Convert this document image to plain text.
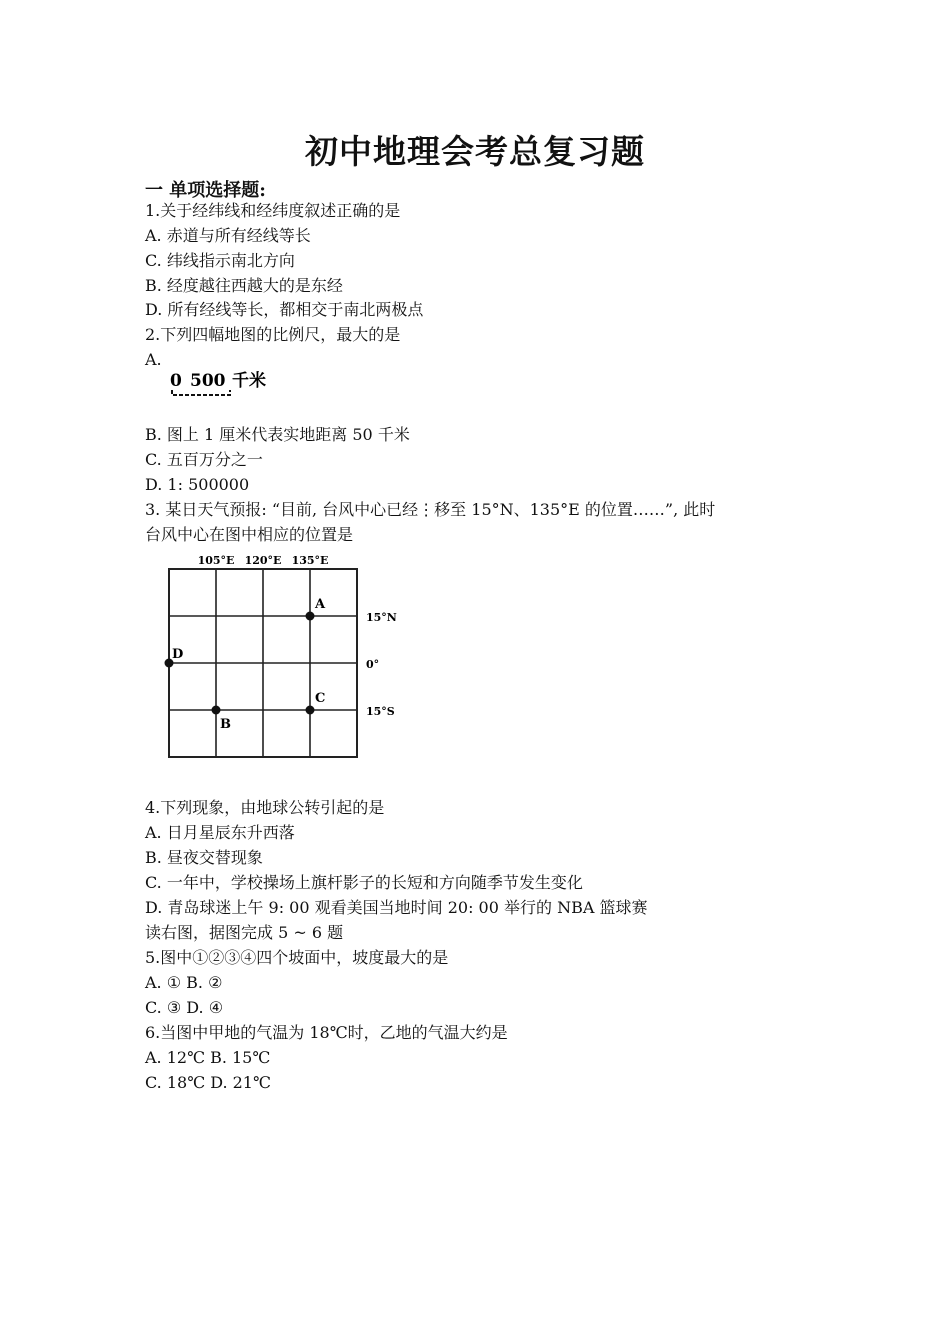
初中地理会考总复习题
一 单项选择题:
1.关于经纬线和经纬度叙述正确的是
A. 赤道与所有经线等长
C. 纬线指示南北方向
B. 经度越往西越大的是东经
D. 所有经线等长，都相交于南北两极点
2.下列四幅地图的比例尺，最大的是
A.
0 500 千米
B. 图上 1 厘米代表实地距离 50 千米
C. 五百万分之一
D. 1: 500000
3. 某日天气预报: “目前, 台风中心已经⋮移至 15°N、135°E 的位置……”, 此时
台风中心在图中相应的位置是
105°E 120°E 135°E
15°N
0°
15°S
A
B
C
D
4.下列现象，由地球公转引起的是
A. 日月星辰东升西落
B. 昼夜交替现象
C. 一年中，学校操场上旗杆影子的长短和方向随季节发生变化
D. 青岛球迷上午 9: 00 观看美国当地时间 20: 00 举行的 NBA 篮球赛
读右图，据图完成 5 ~ 6 题
5.图中①②③④四个坡面中，坡度最大的是
A. ① B. ②
C. ③ D. ④
6.当图中甲地的气温为 18℃时，乙地的气温大约是
A. 12℃ B. 15℃
C. 18℃ D. 21℃
